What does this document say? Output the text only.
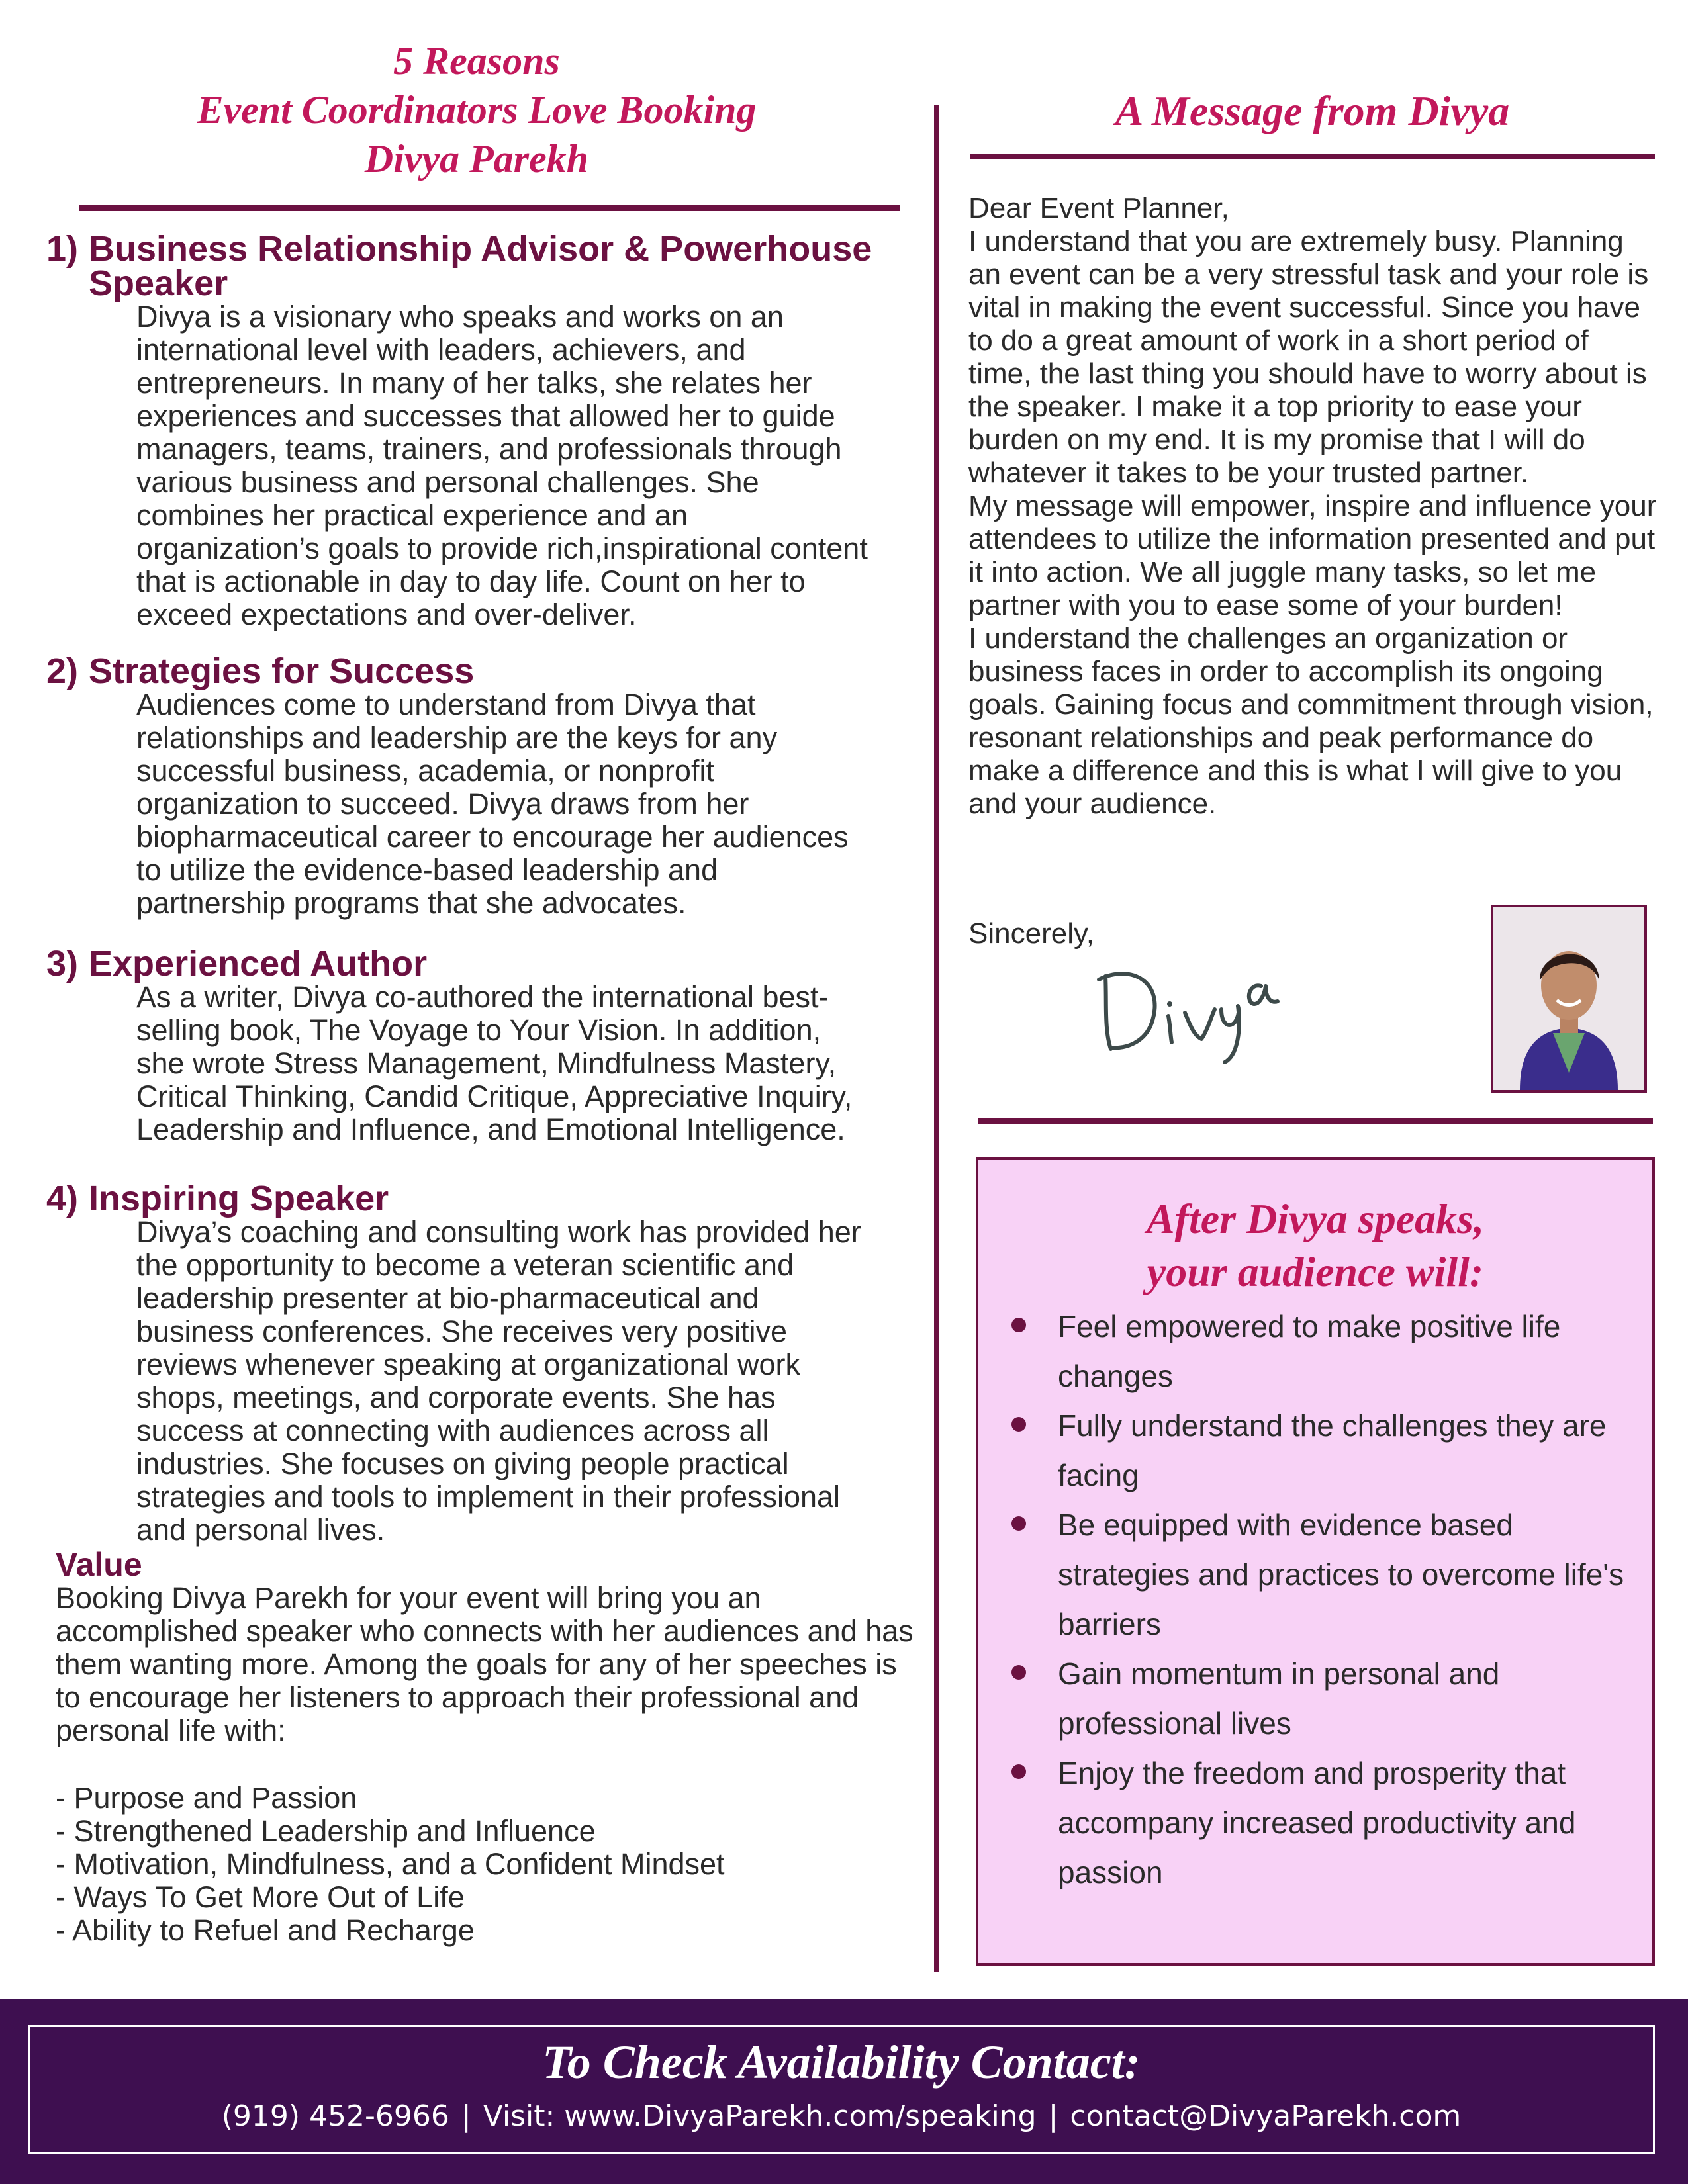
5 Reasons
Event Coordinators Love Booking
Divya Parekh
1) Business Relationship Advisor & Powerhouse
Speaker

Divya is a visionary who speaks and works on an international level with leaders, achievers, and entrepreneurs. In many of her talks, she relates her experiences and successes that allowed her to guide managers, teams, trainers, and professionals through various business and personal challenges. She combines her practical experience and an organization’s goals to provide rich,inspirational content that is actionable in day to day life. Count on her to exceed expectations and over-deliver.

2) Strategies for Success

Audiences come to understand from Divya that relationships and leadership are the keys for any successful business, academia, or nonprofit organization to succeed. Divya draws from her biopharmaceutical career to encourage her audiences to utilize the evidence-based leadership and partnership programs that she advocates.

3) Experienced Author

As a writer, Divya co-authored the international best-selling book, The Voyage to Your Vision. In addition, she wrote Stress Management, Mindfulness Mastery, Critical Thinking, Candid Critique, Appreciative Inquiry, Leadership and Influence, and Emotional Intelligence.

4) Inspiring Speaker

Divya’s coaching and consulting work has provided her the opportunity to become a veteran scientific and leadership presenter at bio-pharmaceutical and business conferences. She receives very positive reviews whenever speaking at organizational work shops, meetings, and corporate events. She has success at connecting with audiences across all industries. She focuses on giving people practical strategies and tools to implement in their professional and personal lives.

Value

Booking Divya Parekh for your event will bring you an accomplished speaker who connects with her audiences and has them wanting more. Among the goals for any of her speeches is to encourage her listeners to approach their professional and personal life with:

- Purpose and Passion
- Strengthened Leadership and Influence
- Motivation, Mindfulness, and a Confident Mindset
- Ways To Get More Out of Life
- Ability to Refuel and Recharge
A Message from Divya

Dear Event Planner,

I understand that you are extremely busy. Planning an event can be a very stressful task and your role is vital in making the event successful. Since you have to do a great amount of work in a short period of time, the last thing you should have to worry about is the speaker. I make it a top priority to ease your burden on my end. It is my promise that I will do whatever it takes to be your trusted partner.

My message will empower, inspire and influence your attendees to utilize the information presented and put it into action. We all juggle many tasks, so let me partner with you to ease some of your burden!

I understand the challenges an organization or business faces in order to accomplish its ongoing goals. Gaining focus and commitment through vision, resonant relationships and peak performance do make a difference and this is what I will give to you and your audience.

Sincerely,
After Divya speaks,
your audience will:
Feel empowered to make positive life changes
Fully understand the challenges they are facing
Be equipped with evidence based strategies and practices to overcome life's barriers
Gain momentum in personal and professional lives
Enjoy the freedom and prosperity that accompany increased productivity and passion
To Check Availability Contact:
(919) 452-6966 | Visit: www.DivyaParekh.com/speaking | contact@DivyaParekh.com
